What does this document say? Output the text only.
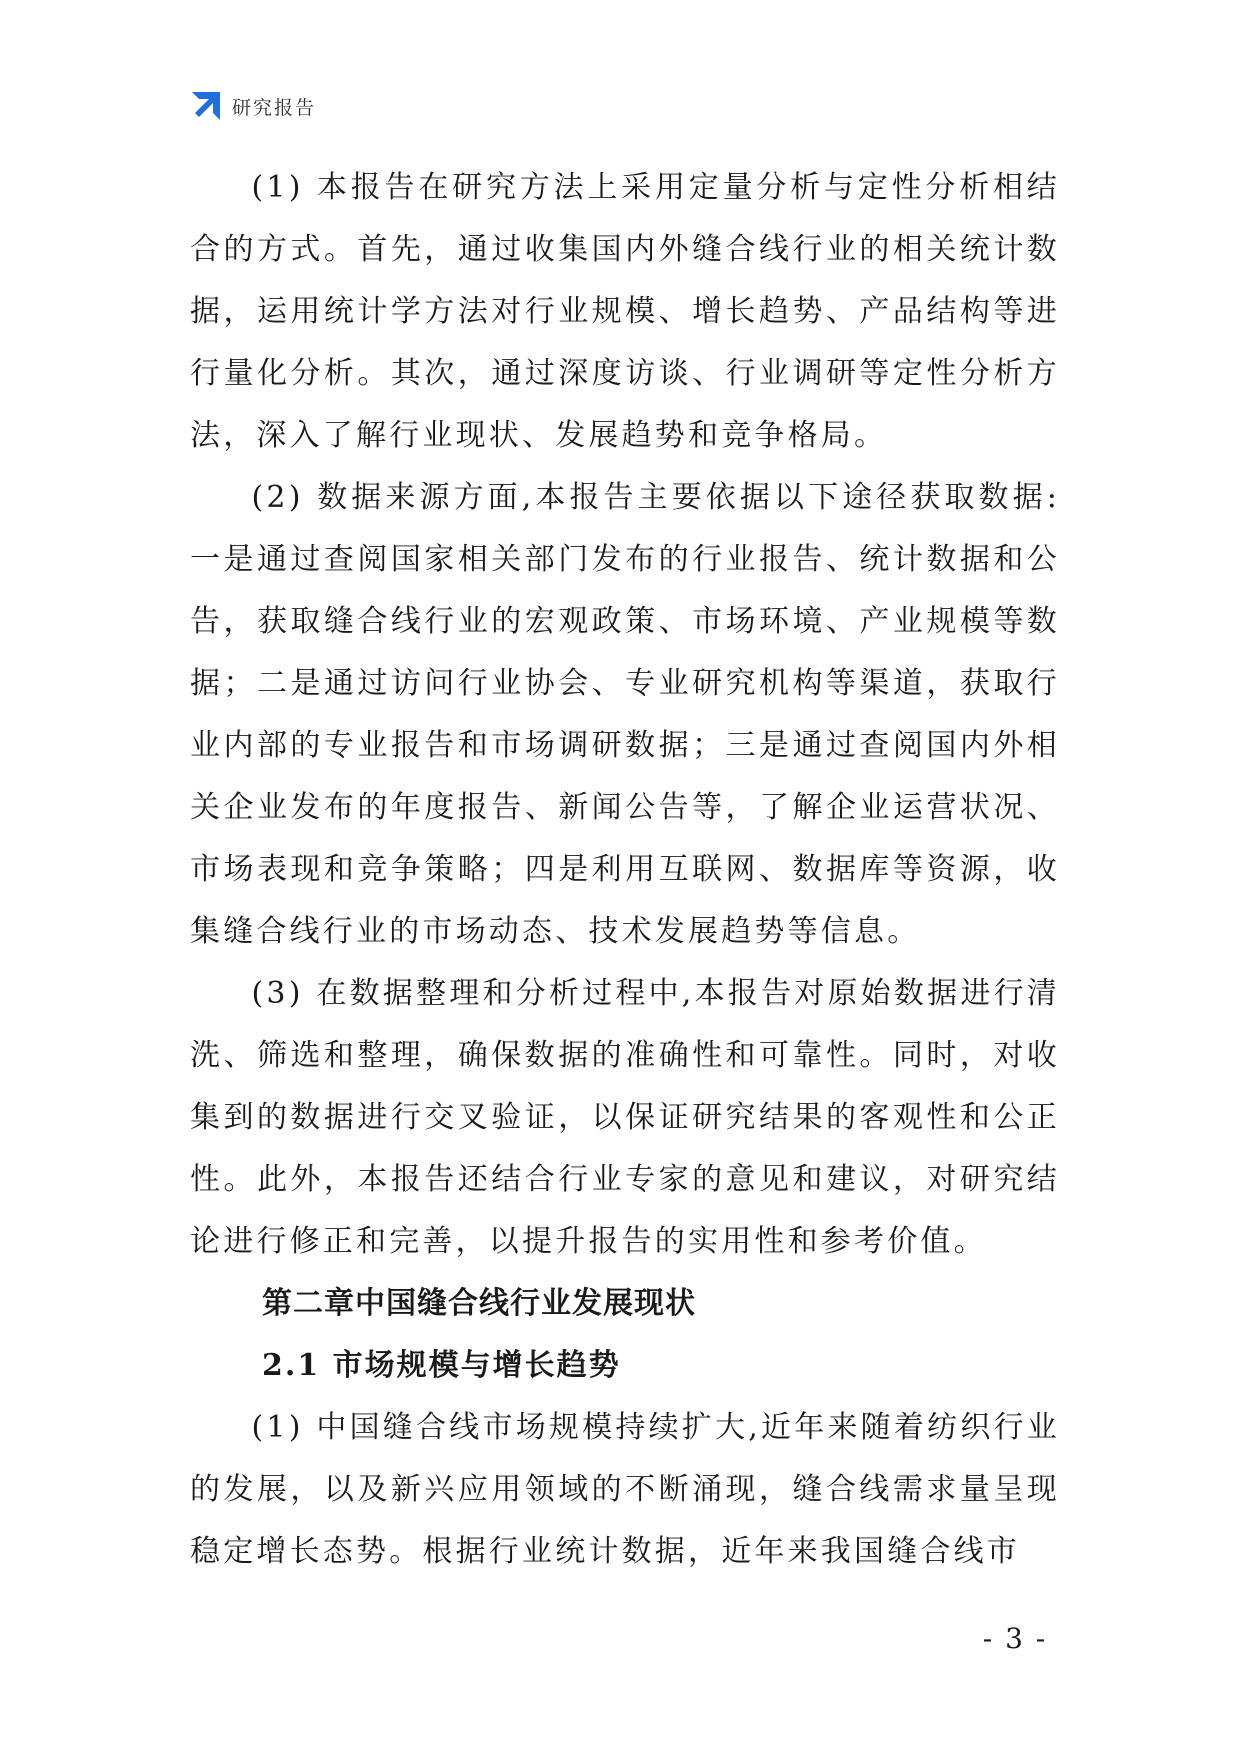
研究报告

(1) 本报告在研究方法上采用定量分析与定性分析相结合的方式。首先，通过收集国内外缝合线行业的相关统计数据，运用统计学方法对行业规模、增长趋势、产品结构等进行量化分析。其次，通过深度访谈、行业调研等定性分析方法，深入了解行业现状、发展趋势和竞争格局。

(2) 数据来源方面,本报告主要依据以下途径获取数据:一是通过查阅国家相关部门发布的行业报告、统计数据和公告，获取缝合线行业的宏观政策、市场环境、产业规模等数据；二是通过访问行业协会、专业研究机构等渠道，获取行业内部的专业报告和市场调研数据；三是通过查阅国内外相关企业发布的年度报告、新闻公告等，了解企业运营状况、市场表现和竞争策略；四是利用互联网、数据库等资源，收集缝合线行业的市场动态、技术发展趋势等信息。

(3) 在数据整理和分析过程中,本报告对原始数据进行清洗、筛选和整理，确保数据的准确性和可靠性。同时，对收集到的数据进行交叉验证，以保证研究结果的客观性和公正性。此外，本报告还结合行业专家的意见和建议，对研究结论进行修正和完善，以提升报告的实用性和参考价值。

第二章中国缝合线行业发展现状
2.1 市场规模与增长趋势

(1) 中国缝合线市场规模持续扩大,近年来随着纺织行业的发展，以及新兴应用领域的不断涌现，缝合线需求量呈现稳定增长态势。根据行业统计数据，近年来我国缝合线市

- 3 -
